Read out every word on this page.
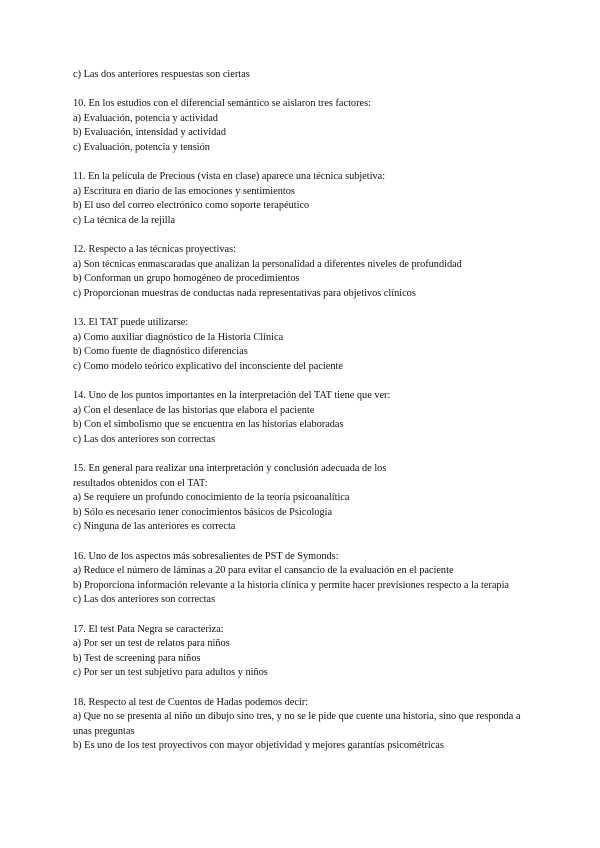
c) Las dos anteriores respuestas son ciertas
10. En los estudios con el diferencial semántico se aislaron tres factores:
a) Evaluación, potencia y actividad
b) Evaluación, intensidad y actividad
c) Evaluación, potencia y tensión
11. En la película de Precious (vista en clase) aparece una técnica subjetiva:
a) Escritura en diario de las emociones y sentimientos
b) El uso del correo electrónico como soporte terapéutico
c) La técnica de la rejilla
12. Respecto a las técnicas proyectivas:
a) Son técnicas enmascaradas que analizan la personalidad a diferentes niveles de profundidad
b) Conforman un grupo homogéneo de procedimientos
c) Proporcionan muestras de conductas nada representativas para objetivos clínicos
13. El TAT puede utilizarse:
a) Como auxiliar diagnóstico de la Historia Clínica
b) Como fuente de diagnóstico diferencias
c) Como modelo teórico explicativo del inconsciente del paciente
14. Uno de los puntos importantes en la interpretación del TAT tiene que ver:
a) Con el desenlace de las historias que elabora el paciente
b) Con el simbolismo que se encuentra en las historias elaboradas
c) Las dos anteriores son correctas
15. En general para realizar una interpretación y conclusión adecuada de los resultados obtenidos con el TAT:
a) Se requiere un profundo conocimiento de la teoría psicoanalítica
b) Sólo es necesario tener conocimientos básicos de Psicología
c) Ninguna de las anteriores es correcta
16. Uno de los aspectos más sobresalientes de PST de Symonds:
a) Reduce el número de láminas a 20 para evitar el cansancio de la evaluación en el paciente
b) Proporciona información relevante a la historia clínica y permite hacer previsiones respecto a la terapia
c) Las dos anteriores son correctas
17. El test Pata Negra se caracteriza:
a) Por ser un test de relatos para niños
b) Test de screening para niños
c) Por ser un test subjetivo para adultos y niños
18. Respecto al test de Cuentos de Hadas podemos decir:
a) Que no se presenta al niño un dibujo sino tres, y no se le pide que cuente una historia, sino que responda a unas preguntas
b) Es uno de los test proyectivos con mayor objetividad y mejores garantías psicométricas
